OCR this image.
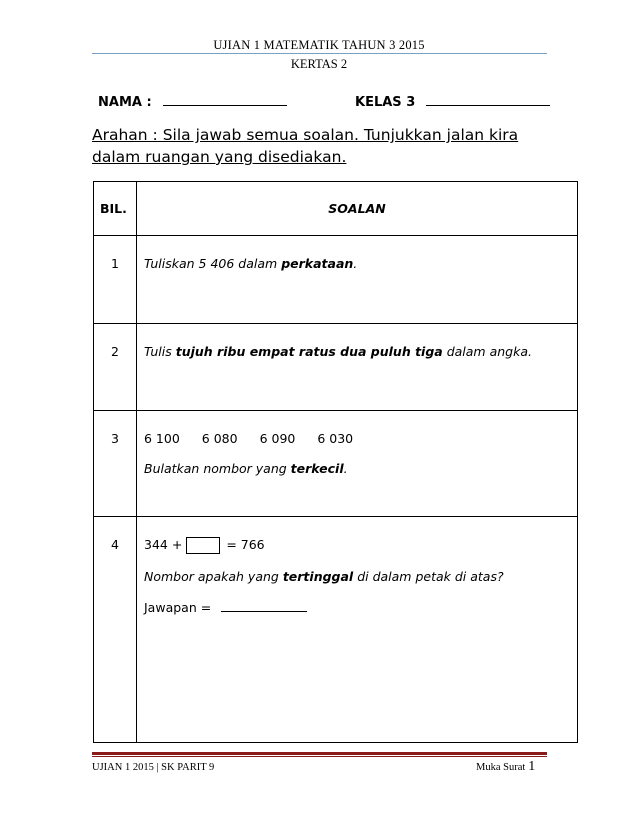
UJIAN 1 MATEMATIK TAHUN 3 2015
KERTAS 2
NAMA :	KELAS 3
Arahan : Sila jawab semua soalan. Tunjukkan jalan kira dalam ruangan yang disediakan.
BIL.	SOALAN
1	Tuliskan 5 406 dalam perkataan.
2	Tulis tujuh ribu empat ratus dua puluh tiga dalam angka.
3	6 100 6 080 6 090 6 030
Bulatkan nombor yang terkecil.

4	344 + = 766
Nombor apakah yang tertinggal di dalam petak di atas?
Jawapan =
UJIAN 1 2015 | SK PARIT 9	Muka Surat 1
